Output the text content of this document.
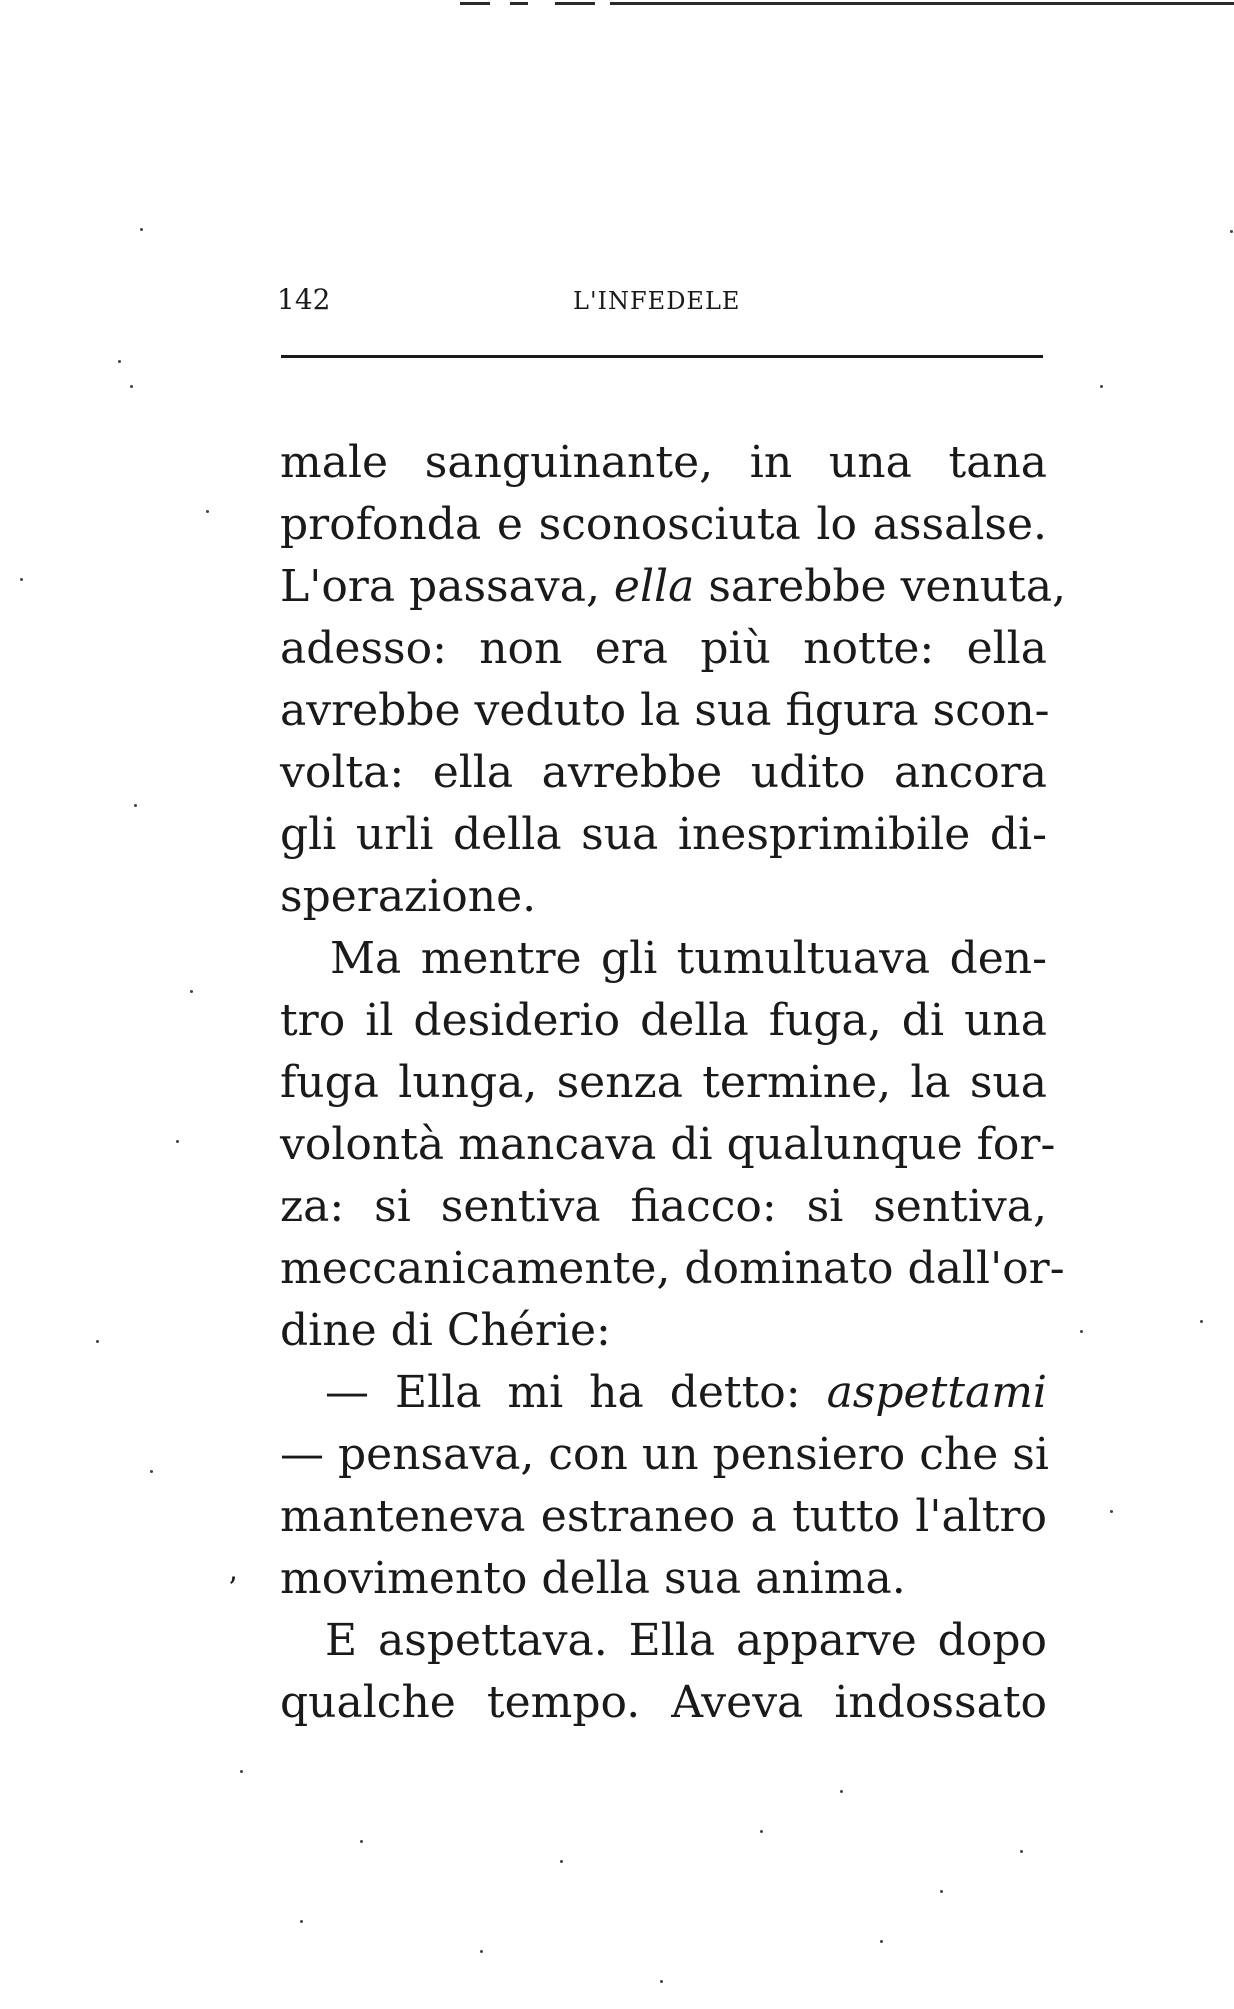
142	L'INFEDELE
male sanguinante, in una tana
profonda e sconosciuta lo assalse.
L'ora passava, ella sarebbe venuta,
adesso: non era più notte: ella
avrebbe veduto la sua figura scon-
volta: ella avrebbe udito ancora
gli urli della sua inesprimibile di-
sperazione.
Ma mentre gli tumultuava den-
tro il desiderio della fuga, di una
fuga lunga, senza termine, la sua
volontà mancava di qualunque for-
za: si sentiva fiacco: si sentiva,
meccanicamente, dominato dall'or-
dine di Chérie:
— Ella mi ha detto: aspettami
— pensava, con un pensiero che si
manteneva estraneo a tutto l'altro
movimento della sua anima.
E aspettava. Ella apparve dopo
qualche tempo. Aveva indossato
ʼ
